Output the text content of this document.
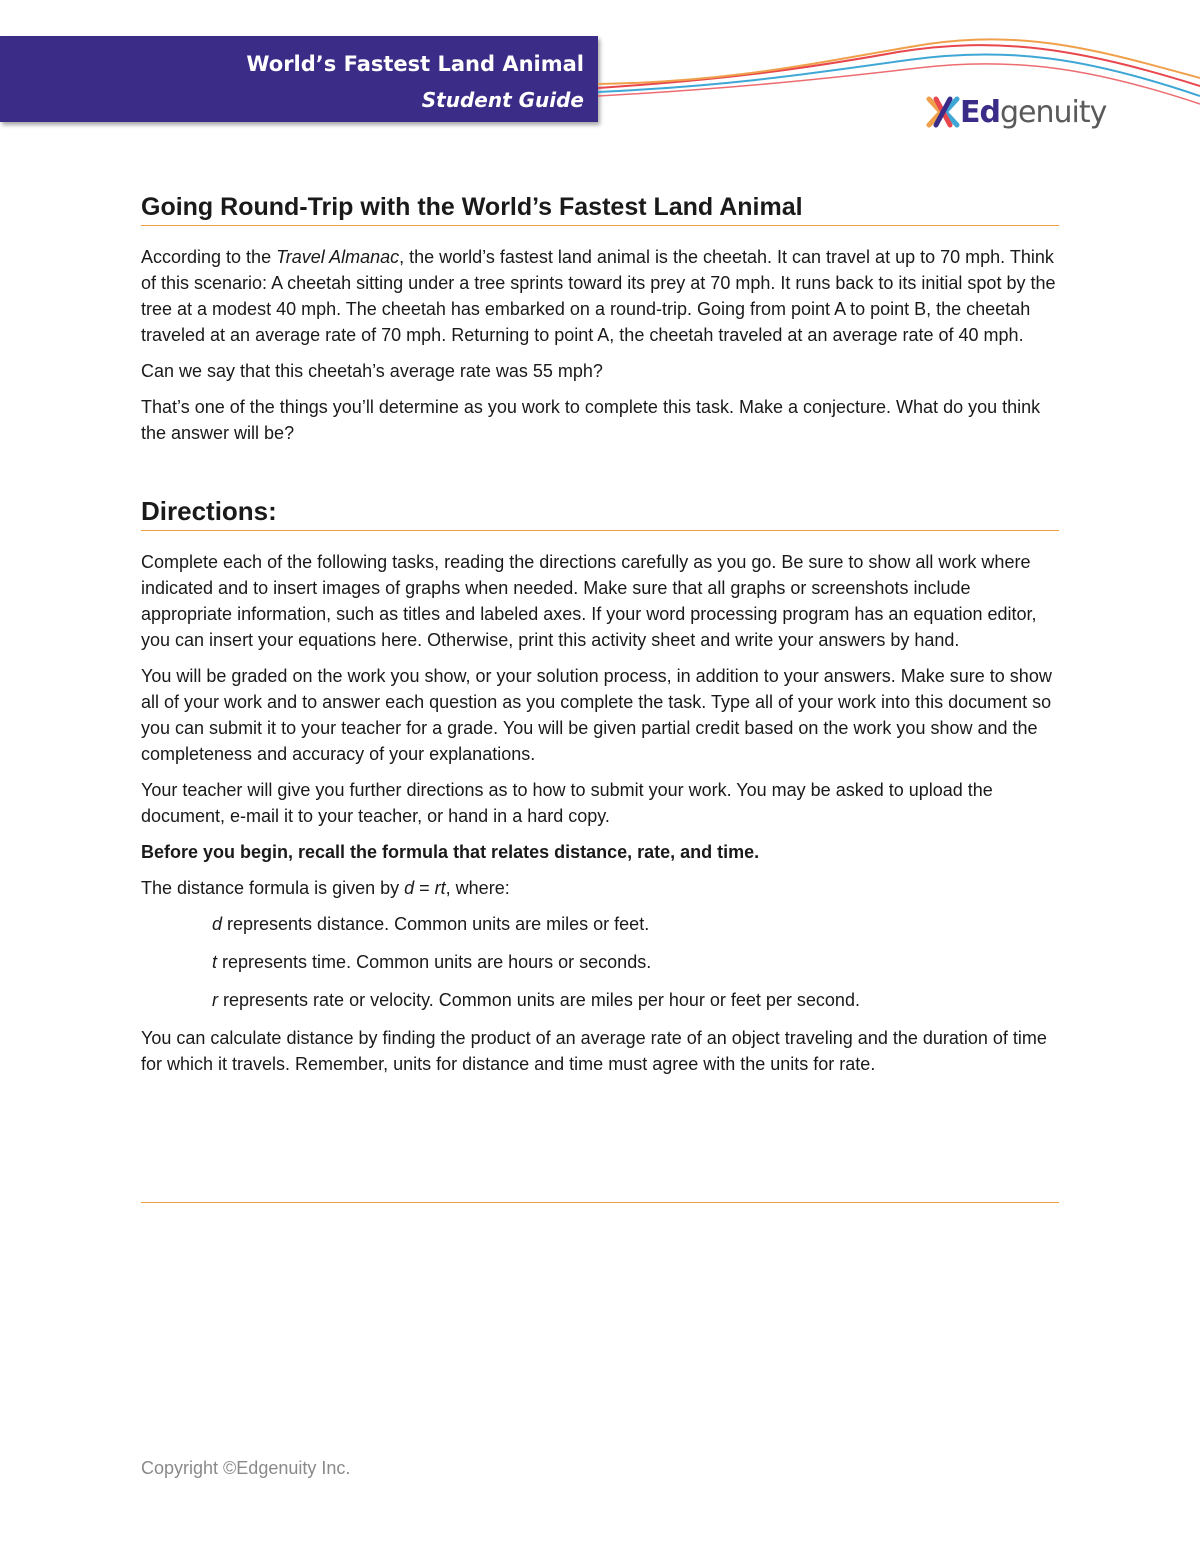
World’s Fastest Land Animal
Student Guide	Edgenuity
Going Round-Trip with the World’s Fastest Land Animal

According to the Travel Almanac, the world’s fastest land animal is the cheetah. It can travel at up to 70 mph. Think of this scenario: A cheetah sitting under a tree sprints toward its prey at 70 mph. It runs back to its initial spot by the tree at a modest 40 mph. The cheetah has embarked on a round-trip. Going from point A to point B, the cheetah traveled at an average rate of 70 mph. Returning to point A, the cheetah traveled at an average rate of 40 mph.

Can we say that this cheetah’s average rate was 55 mph?

That’s one of the things you’ll determine as you work to complete this task. Make a conjecture. What do you think the answer will be?

Directions:

Complete each of the following tasks, reading the directions carefully as you go. Be sure to show all work where indicated and to insert images of graphs when needed. Make sure that all graphs or screenshots include appropriate information, such as titles and labeled axes. If your word processing program has an equation editor, you can insert your equations here. Otherwise, print this activity sheet and write your answers by hand.

You will be graded on the work you show, or your solution process, in addition to your answers. Make sure to show all of your work and to answer each question as you complete the task. Type all of your work into this document so you can submit it to your teacher for a grade. You will be given partial credit based on the work you show and the completeness and accuracy of your explanations.

Your teacher will give you further directions as to how to submit your work. You may be asked to upload the document, e-mail it to your teacher, or hand in a hard copy.

Before you begin, recall the formula that relates distance, rate, and time.

The distance formula is given by d = rt, where:

d represents distance. Common units are miles or feet.

t represents time. Common units are hours or seconds.

r represents rate or velocity. Common units are miles per hour or feet per second.

You can calculate distance by finding the product of an average rate of an object traveling and the duration of time for which it travels. Remember, units for distance and time must agree with the units for rate.

Copyright ©Edgenuity Inc.
